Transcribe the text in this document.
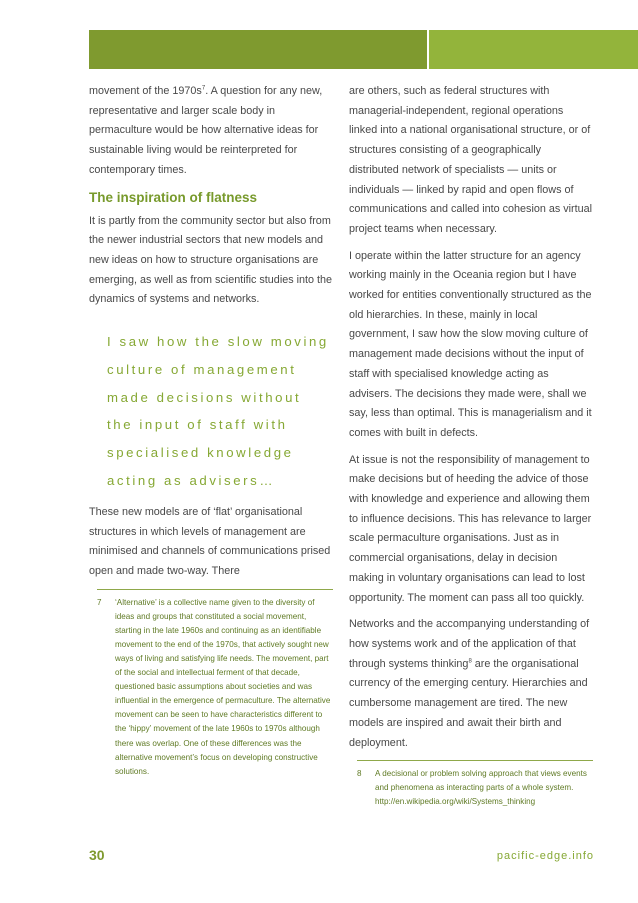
movement of the $1970s^7$. A question for any new, representative and larger scale body in permaculture would be how alternative ideas for sustainable living would be reinterpreted for contemporary times.

The inspiration of flatness

It is partly from the community sector but also from the newer industrial sectors that new models and new ideas on how to structure organisations are emerging, as well as from scientific studies into the dynamics of systems and networks.

I saw how the slow moving culture of management made decisions without the input of staff with specialised knowledge acting as advisers…

These new models are of ‘flat’ organisational structures in which levels of management are minimised and channels of communications prised open and made two-way. There

7	‘Alternative’ is a collective name given to the diversity of ideas and groups that constituted a social movement, starting in the late 1960s and continuing as an identifiable movement to the end of the 1970s, that actively sought new ways of living and satisfying life needs. The movement, part of the social and intellectual ferment of that decade, questioned basic assumptions about societies and was influential in the emergence of permaculture. The alternative movement can be seen to have characteristics different to the ‘hippy’ movement of the late 1960s to 1970s although there was overlap. One of these differences was the alternative movement’s focus on developing constructive solutions.

are others, such as federal structures with managerial-independent, regional operations linked into a national organisational structure, or of structures consisting of a geographically distributed network of specialists — units or individuals — linked by rapid and open flows of communications and called into cohesion as virtual project teams when necessary.

I operate within the latter structure for an agency working mainly in the Oceania region but I have worked for entities conventionally structured as the old hierarchies. In these, mainly in local government, I saw how the slow moving culture of management made decisions without the input of staff with specialised knowledge acting as advisers. The decisions they made were, shall we say, less than optimal. This is managerialism and it comes with built in defects.

At issue is not the responsibility of management to make decisions but of heeding the advice of those with knowledge and experience and allowing them to influence decisions. This has relevance to larger scale permaculture organisations. Just as in commercial organisations, delay in decision making in voluntary organisations can lead to lost opportunity. The moment can pass all too quickly.

Networks and the accompanying understanding of how systems work and of the application of that through systems thinking$^8$ are the organisational currency of the emerging century. Hierarchies and cumbersome management are tired. The new models are inspired and await their birth and deployment.

8	A decisional or problem solving approach that views events and phenomena as interacting parts of a whole system. http://en.wikipedia.org/wiki/Systems_thinking
30	pacific-edge.info
